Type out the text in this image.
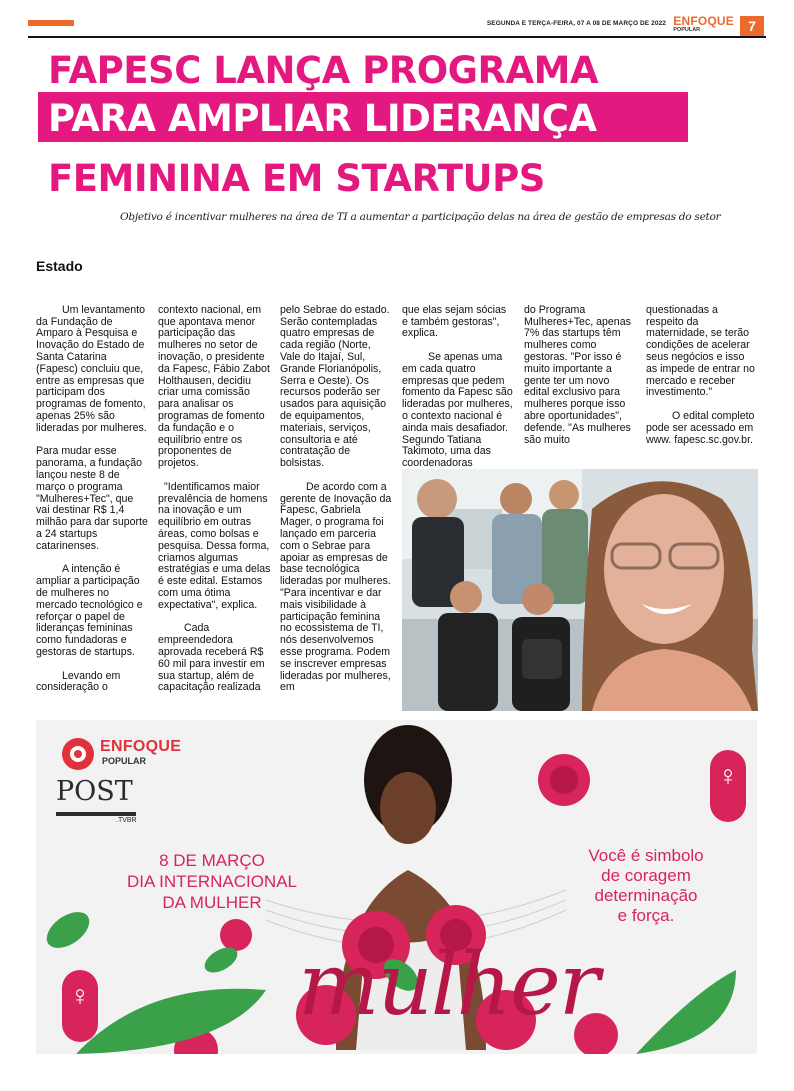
SEGUNDA E TERÇA-FEIRA, 07 A 08 DE MARÇO DE 2022 ENFOQUE
POPULAR	7
FAPESC LANÇA PROGRAMA
PARA AMPLIAR LIDERANÇA
FEMININA EM STARTUPS
Objetivo é incentivar mulheres na área de TI a aumentar a participação delas na área de gestão de empresas do setor
Estado

Um levantamento da Fundação de Amparo à Pesquisa e Inovação do Estado de Santa Catarina (Fapesc) concluiu que, entre as empresas que participam dos programas de fomento, apenas 25% são lideradas por mulheres.

Para mudar esse panorama, a fundação lançou neste 8 de março o programa "Mulheres+Tec", que vai destinar R$ 1,4 milhão para dar suporte a 24 startups catarinenses.

A intenção é ampliar a participação de mulheres no mercado tecnológico e reforçar o papel de lideranças femininas como fundadoras e gestoras de startups.

Levando em consideração o

contexto nacional, em que apontava menor participação das mulheres no setor de inovação, o presidente da Fapesc, Fábio Zabot Holthausen, decidiu criar uma comissão para analisar os programas de fomento da fundação e o equilíbrio entre os proponentes de projetos.

"Identificamos maior prevalência de homens na inovação e um equilíbrio em outras áreas, como bolsas e pesquisa. Dessa forma, criamos algumas estratégias e uma delas é este edital. Estamos com uma ótima expectativa", explica.

Cada empreendedora aprovada receberá R$ 60 mil para investir em sua startup, além de capacitação realizada

pelo Sebrae do estado. Serão contempladas quatro empresas de cada região (Norte, Vale do Itajaí, Sul, Grande Florianópolis, Serra e Oeste). Os recursos poderão ser usados para aquisição de equipamentos, materiais, serviços, consultoria e até contratação de bolsistas.

De acordo com a gerente de Inovação da Fapesc, Gabriela Mager, o programa foi lançado em parceria com o Sebrae para apoiar as empresas de base tecnológica lideradas por mulheres. "Para incentivar e dar mais visibilidade à participação feminina no ecossistema de TI, nós desenvolvemos esse programa. Podem se inscrever empresas lideradas por mulheres, em

que elas sejam sócias e também gestoras", explica.

Se apenas uma em cada quatro empresas que pedem fomento da Fapesc são lideradas por mulheres, o contexto nacional é ainda mais desafiador. Segundo Tatiana Takimoto, uma das coordenadoras

do Programa Mulheres+Tec, apenas 7% das startups têm mulheres como gestoras. "Por isso é muito importante a gente ter um novo edital exclusivo para mulheres porque isso abre oportunidades", defende. "As mulheres são muito

questionadas a respeito da maternidade, se terão condições de acelerar seus negócios e isso as impede de entrar no mercado e receber investimento."

O edital completo pode ser acessado em www. fapesc.sc.gov.br.

ENFOQUE
POPULAR
POST
.TVBR
8 DE MARÇO
DIA INTERNACIONAL
DA MULHER
Você é simbolo
de coragem
determinação
e força.
mulher
♀
♀
